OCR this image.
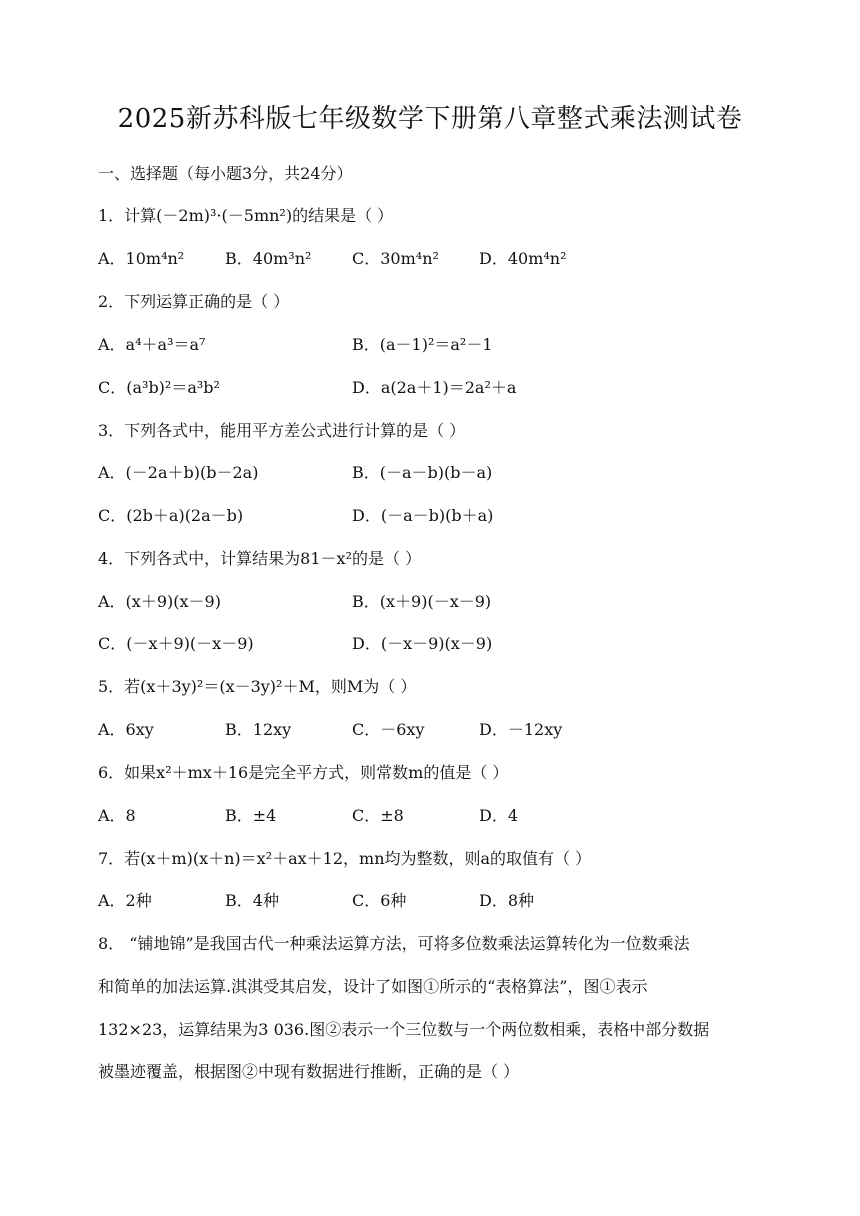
2025新苏科版七年级数学下册第八章整式乘法测试卷
一、选择题（每小题3分，共24分）
1．计算(－2m)³·(－5mn²)的结果是（ ）
A．10m⁴n²	B．40m³n²	C．30m⁴n²	D．40m⁴n²
2．下列运算正确的是（ ）
A．a⁴＋a³＝a⁷	B．(a－1)²＝a²－1
C．(a³b)²＝a³b²	D．a(2a＋1)＝2a²＋a
3．下列各式中，能用平方差公式进行计算的是（ ）
A．(－2a＋b)(b－2a)	B．(－a－b)(b－a)
C．(2b＋a)(2a－b)	D．(－a－b)(b＋a)
4．下列各式中，计算结果为81－x²的是（ ）
A．(x＋9)(x－9)	B．(x＋9)(－x－9)
C．(－x＋9)(－x－9)	D．(－x－9)(x－9)
5．若(x＋3y)²＝(x－3y)²＋M，则M为（ ）
A．6xy	B．12xy	C．－6xy	D．－12xy
6．如果x²＋mx＋16是完全平方式，则常数m的值是（ ）
A．8	B．±4	C．±8	D．4
7．若(x＋m)(x＋n)＝x²＋ax＋12，mn均为整数，则a的取值有（ ）
A．2种	B．4种	C．6种	D．8种
8． “铺地锦”是我国古代一种乘法运算方法，可将多位数乘法运算转化为一位数乘法
和简单的加法运算.淇淇受其启发，设计了如图①所示的“表格算法”，图①表示
132×23，运算结果为3 036.图②表示一个三位数与一个两位数相乘，表格中部分数据
被墨迹覆盖，根据图②中现有数据进行推断，正确的是（ ）
